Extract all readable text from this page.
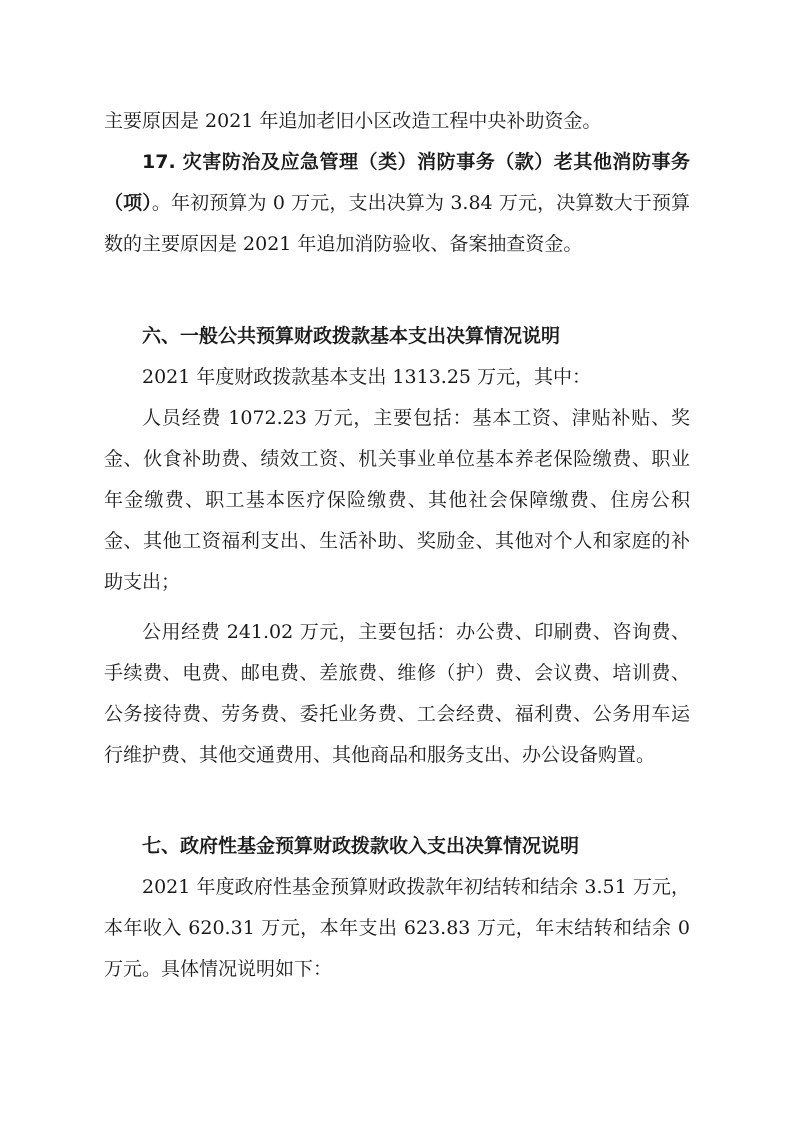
主要原因是 2021 年追加老旧小区改造工程中央补助资金。

17. 灾害防治及应急管理（类）消防事务（款）老其他消防事务（项）。年初预算为 0 万元，支出决算为 3.84 万元，决算数大于预算数的主要原因是 2021 年追加消防验收、备案抽查资金。

六、一般公共预算财政拨款基本支出决算情况说明

2021 年度财政拨款基本支出 1313.25 万元，其中：

人员经费 1072.23 万元，主要包括：基本工资、津贴补贴、奖金、伙食补助费、绩效工资、机关事业单位基本养老保险缴费、职业年金缴费、职工基本医疗保险缴费、其他社会保障缴费、住房公积金、其他工资福利支出、生活补助、奖励金、其他对个人和家庭的补助支出；

公用经费 241.02 万元，主要包括：办公费、印刷费、咨询费、手续费、电费、邮电费、差旅费、维修（护）费、会议费、培训费、公务接待费、劳务费、委托业务费、工会经费、福利费、公务用车运行维护费、其他交通费用、其他商品和服务支出、办公设备购置。

七、政府性基金预算财政拨款收入支出决算情况说明

2021 年度政府性基金预算财政拨款年初结转和结余 3.51 万元，本年收入 620.31 万元，本年支出 623.83 万元，年末结转和结余 0 万元。具体情况说明如下：
